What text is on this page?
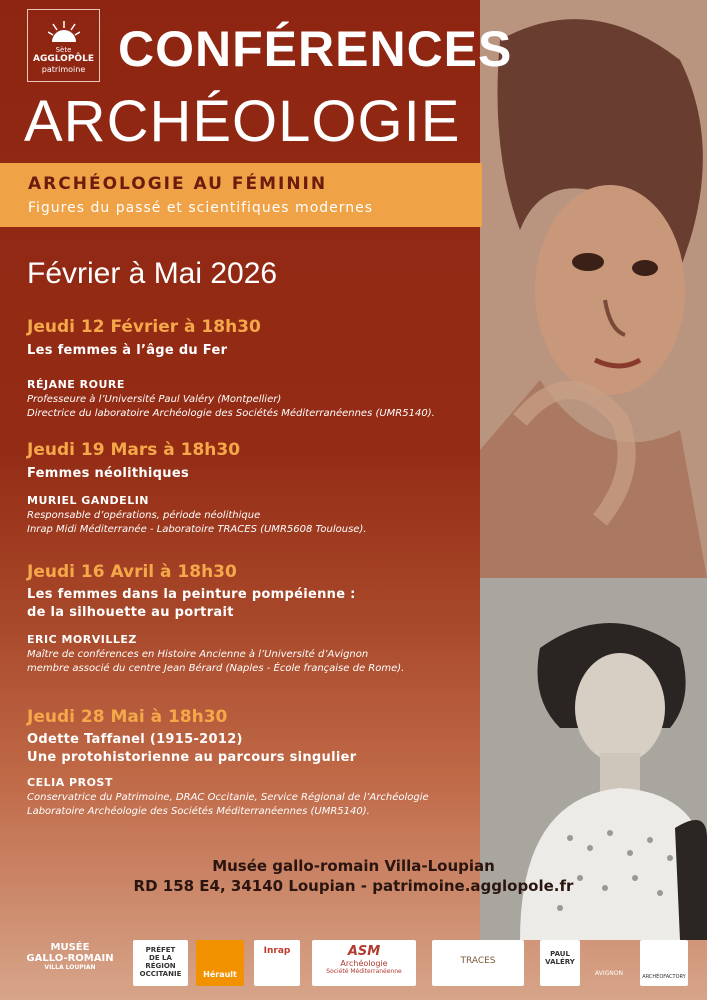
Sète
AGGLOPÔLE
patrimoine CONFÉRENCES
ARCHÉOLOGIE
ARCHÉOLOGIE AU FÉMININ
Figures du passé et scientifiques modernes
Février à Mai 2026
Jeudi 12 Février à 18h30
Les femmes à l’âge du Fer
RÉJANE ROURE
Professeure à l’Université Paul Valéry (Montpellier)
Directrice du laboratoire Archéologie des Sociétés Méditerranéennes (UMR5140).
Jeudi 19 Mars à 18h30
Femmes néolithiques
MURIEL GANDELIN
Responsable d’opérations, période néolithique
Inrap Midi Méditerranée - Laboratoire TRACES (UMR5608 Toulouse).
Jeudi 16 Avril à 18h30
Les femmes dans la peinture pompéienne :
de la silhouette au portrait
ERIC MORVILLEZ
Maître de conférences en Histoire Ancienne à l’Université d’Avignon
membre associé du centre Jean Bérard (Naples - École française de Rome).
Jeudi 28 Mai à 18h30
Odette Taffanel (1915-2012)
Une protohistorienne au parcours singulier
CELIA PROST
Conservatrice du Patrimoine, DRAC Occitanie, Service Régional de l’Archéologie
Laboratoire Archéologie des Sociétés Méditerranéennes (UMR5140).
Musée gallo-romain Villa-Loupian
RD 158 E4, 34140 Loupian - patrimoine.agglopole.fr
MUSÉE
GALLO-ROMAIN
VILLA LOUPIAN
PRÉFET
DE LA RÉGION
OCCITANIE	Hérault
Inrap	ASM
Archéologie
Société Méditerranéenne
TRACES
PAUL
VALÉRY
AVIGNON	ARCHÉOFACTORY
